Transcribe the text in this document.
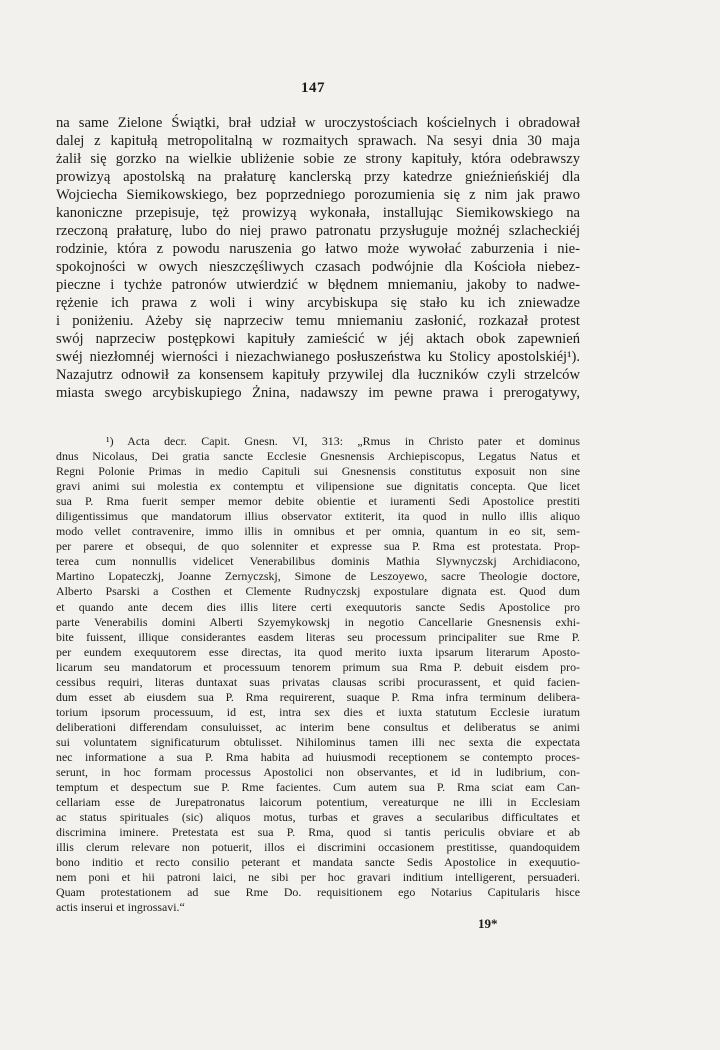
147
na same Zielone Świątki, brał udział w uroczystościach kościelnych i obradował
dalej z kapitułą metropolitalną w rozmaitych sprawach. Na sesyi dnia 30 maja
żalił się gorzko na wielkie ubliżenie sobie ze strony kapituły, która odebrawszy
prowizyą apostolską na prałaturę kanclerską przy katedrze gnieźnieńskiéj dla
Wojciecha Siemikowskiego, bez poprzedniego porozumienia się z nim jak prawo
kanoniczne przepisuje, tęż prowizyą wykonała, installując Siemikowskiego na
rzeczoną prałaturę, lubo do niej prawo patronatu przysługuje możnéj szlacheckiéj
rodzinie, która z powodu naruszenia go łatwo może wywołać zaburzenia i nie-
spokojności w owych nieszczęśliwych czasach podwójnie dla Kościoła niebez-
pieczne i tychże patronów utwierdzić w błędnem mniemaniu, jakoby to nadwe-
rężenie ich prawa z woli i winy arcybiskupa się stało ku ich zniewadze
i poniżeniu. Ażeby się naprzeciw temu mniemaniu zasłonić, rozkazał protest
swój naprzeciw postępkowi kapituły zamieścić w jéj aktach obok zapewnień
swéj niezłomnéj wierności i niezachwianego posłuszeństwa ku Stolicy apostolskiéj¹).
Nazajutrz odnowił za konsensem kapituły przywilej dla łuczników czyli strzelców
miasta swego arcybiskupiego Żnina, nadawszy im pewne prawa i prerogatywy,
¹) Acta decr. Capit. Gnesn. VI, 313: „Rmus in Christo pater et dominus
dnus Nicolaus, Dei gratia sancte Ecclesie Gnesnensis Archiepiscopus, Legatus Natus et
Regni Polonie Primas in medio Capituli sui Gnesnensis constitutus exposuit non sine
gravi animi sui molestia ex contemptu et vilipensione sue dignitatis concepta. Que licet
sua P. Rma fuerit semper memor debite obientie et iuramenti Sedi Apostolice prestiti
diligentissimus que mandatorum illius observator extiterit, ita quod in nullo illis aliquo
modo vellet contravenire, immo illis in omnibus et per omnia, quantum in eo sit, sem-
per parere et obsequi, de quo solenniter et expresse sua P. Rma est protestata. Prop-
terea cum nonnullis videlicet Venerabilibus dominis Mathia Slywnyczskj Archidiacono,
Martino Lopateczkj, Joanne Zernyczskj, Simone de Leszoyewo, sacre Theologie doctore,
Alberto Psarski a Costhen et Clemente Rudnyczskj expostulare dignata est. Quod dum
et quando ante decem dies illis litere certi exequutoris sancte Sedis Apostolice pro
parte Venerabilis domini Alberti Szyemykowskj in negotio Cancellarie Gnesnensis exhi-
bite fuissent, illique considerantes easdem literas seu processum principaliter sue Rme P.
per eundem exequutorem esse directas, ita quod merito iuxta ipsarum literarum Aposto-
licarum seu mandatorum et processuum tenorem primum sua Rma P. debuit eisdem pro-
cessibus requiri, literas duntaxat suas privatas clausas scribi procurassent, et quid facien-
dum esset ab eiusdem sua P. Rma requirerent, suaque P. Rma infra terminum delibera-
torium ipsorum processuum, id est, intra sex dies et iuxta statutum Ecclesie iuratum
deliberationi differendam consuluisset, ac interim bene consultus et deliberatus se animi
sui voluntatem significaturum obtulisset. Nihilominus tamen illi nec sexta die expectata
nec informatione a sua P. Rma habita ad huiusmodi receptionem se contempto proces-
serunt, in hoc formam processus Apostolici non observantes, et id in ludibrium, con-
temptum et despectum sue P. Rme facientes. Cum autem sua P. Rma sciat eam Can-
cellariam esse de Jurepatronatus laicorum potentium, vereaturque ne illi in Ecclesiam
ac status spirituales (sic) aliquos motus, turbas et graves a secularibus difficultates et
discrimina iminere. Pretestata est sua P. Rma, quod si tantis periculis obviare et ab
illis clerum relevare non potuerit, illos ei discrimini occasionem prestitisse, quandoquidem
bono inditio et recto consilio peterant et mandata sancte Sedis Apostolice in exequutio-
nem poni et hii patroni laici, ne sibi per hoc gravari inditium intelligerent, persuaderi.
Quam protestationem ad sue Rme Do. requisitionem ego Notarius Capitularis hisce
actis inserui et ingrossavi.“
19*
